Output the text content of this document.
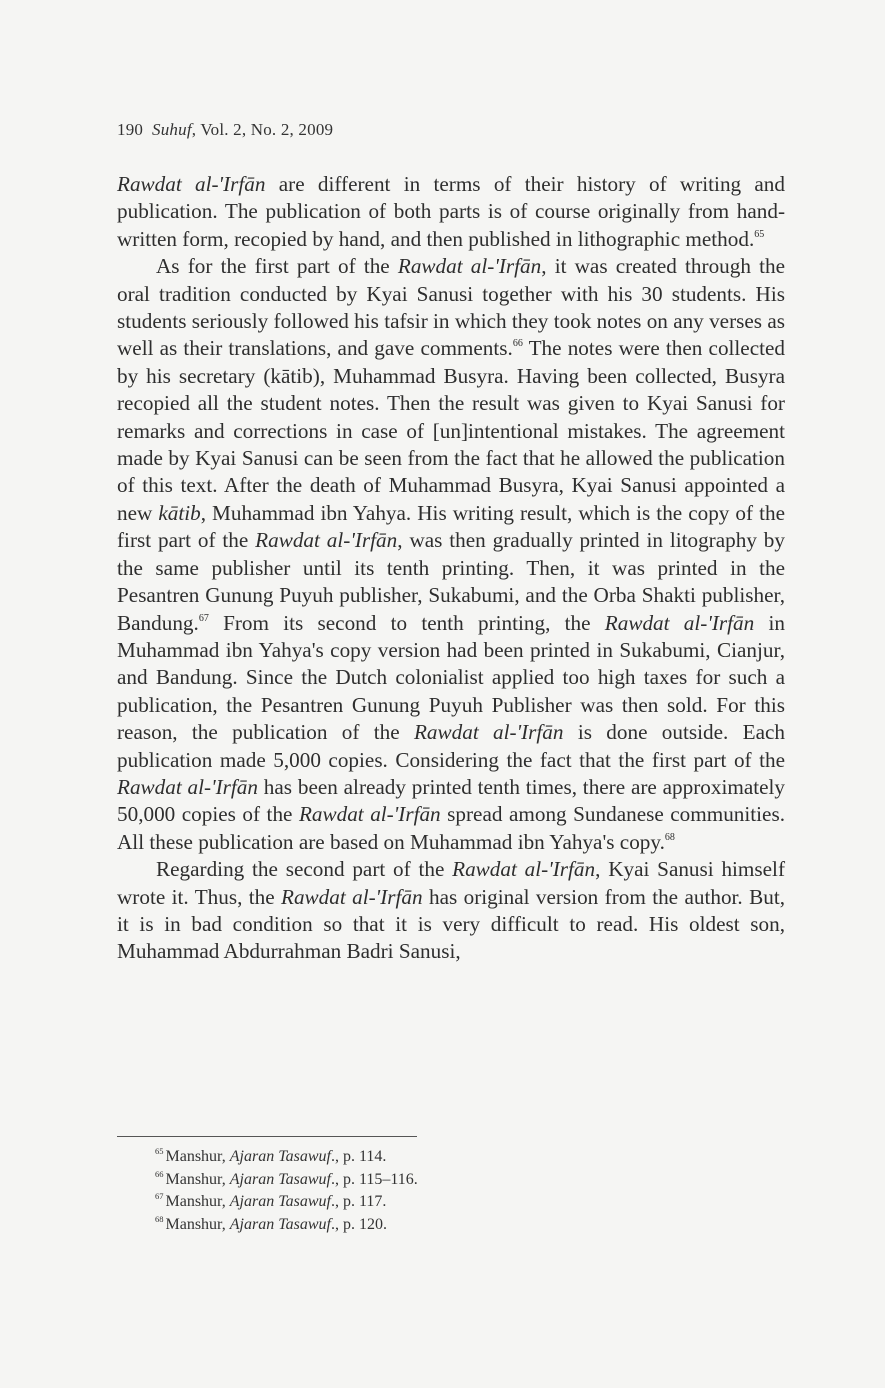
190 Suhuf, Vol. 2, No. 2, 2009

Rawdat al-'Irfān are different in terms of their history of writing and publication. The publication of both parts is of course originally from hand-written form, recopied by hand, and then published in lithographic method.$^{65}$

As for the first part of the Rawdat al-'Irfān, it was created through the oral tradition conducted by Kyai Sanusi together with his 30 students. His students seriously followed his tafsir in which they took notes on any verses as well as their translations, and gave comments.$^{66}$ The notes were then collected by his secretary (kātib), Muhammad Busyra. Having been collected, Busyra recopied all the student notes. Then the result was given to Kyai Sanusi for remarks and corrections in case of [un]intentional mistakes. The agreement made by Kyai Sanusi can be seen from the fact that he allowed the publication of this text. After the death of Muhammad Busyra, Kyai Sanusi appointed a new kātib, Muhammad ibn Yahya. His writing result, which is the copy of the first part of the Rawdat al-'Irfān, was then gradually printed in litography by the same publisher until its tenth printing. Then, it was printed in the Pesantren Gunung Puyuh publisher, Sukabumi, and the Orba Shakti publisher, Bandung.$^{67}$ From its second to tenth printing, the Rawdat al-'Irfān in Muhammad ibn Yahya's copy version had been printed in Sukabumi, Cianjur, and Bandung. Since the Dutch colonialist applied too high taxes for such a publication, the Pesantren Gunung Puyuh Publisher was then sold. For this reason, the publication of the Rawdat al-'Irfān is done outside. Each publication made 5,000 copies. Considering the fact that the first part of the Rawdat al-'Irfān has been already printed tenth times, there are approximately 50,000 copies of the Rawdat al-'Irfān spread among Sundanese communities. All these publication are based on Muhammad ibn Yahya's copy.$^{68}$

Regarding the second part of the Rawdat al-'Irfān, Kyai Sanusi himself wrote it. Thus, the Rawdat al-'Irfān has original version from the author. But, it is in bad condition so that it is very difficult to read. His oldest son, Muhammad Abdurrahman Badri Sanusi,

$^{65}$ Manshur, Ajaran Tasawuf., p. 114.
$^{66}$ Manshur, Ajaran Tasawuf., p. 115–116.
$^{67}$ Manshur, Ajaran Tasawuf., p. 117.
$^{68}$ Manshur, Ajaran Tasawuf., p. 120.
